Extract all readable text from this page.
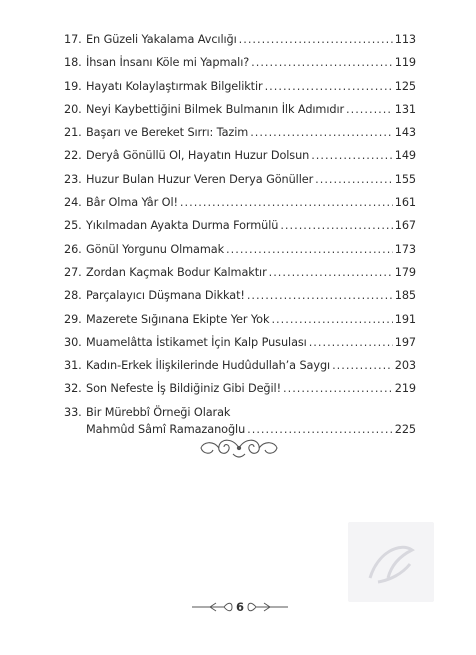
17. En Güzeli Yakalama Avcılığı .....	113
18. İhsan İnsanı Köle mi Yapmalı? .....	119
19. Hayatı Kolaylaştırmak Bilgeliktir .....	125
20. Neyi Kaybettiğini Bilmek Bulmanın İlk Adımıdır .....	131
21. Başarı ve Bereket Sırrı: Tazim .....	143
22. Deryâ Gönüllü Ol, Hayatın Huzur Dolsun .....	149
23. Huzur Bulan Huzur Veren Derya Gönüller .....	155
24. Bâr Olma Yâr Ol! .....	161
25. Yıkılmadan Ayakta Durma Formülü .....	167
26. Gönül Yorgunu Olmamak .....	173
27. Zordan Kaçmak Bodur Kalmaktır .....	179
28. Parçalayıcı Düşmana Dikkat! .....	185
29. Mazerete Sığınana Ekipte Yer Yok .....	191
30. Muamelâtta İstikamet İçin Kalp Pusulası .....	197
31. Kadın-Erkek İlişkilerinde Hudûdullah’a Saygı .....	203
32. Son Nefeste İş Bildiğiniz Gibi Değil! .....	219
33. Bir Mürebbî Örneği Olarak
Mahmûd Sâmî Ramazanoğlu .....	225
6
